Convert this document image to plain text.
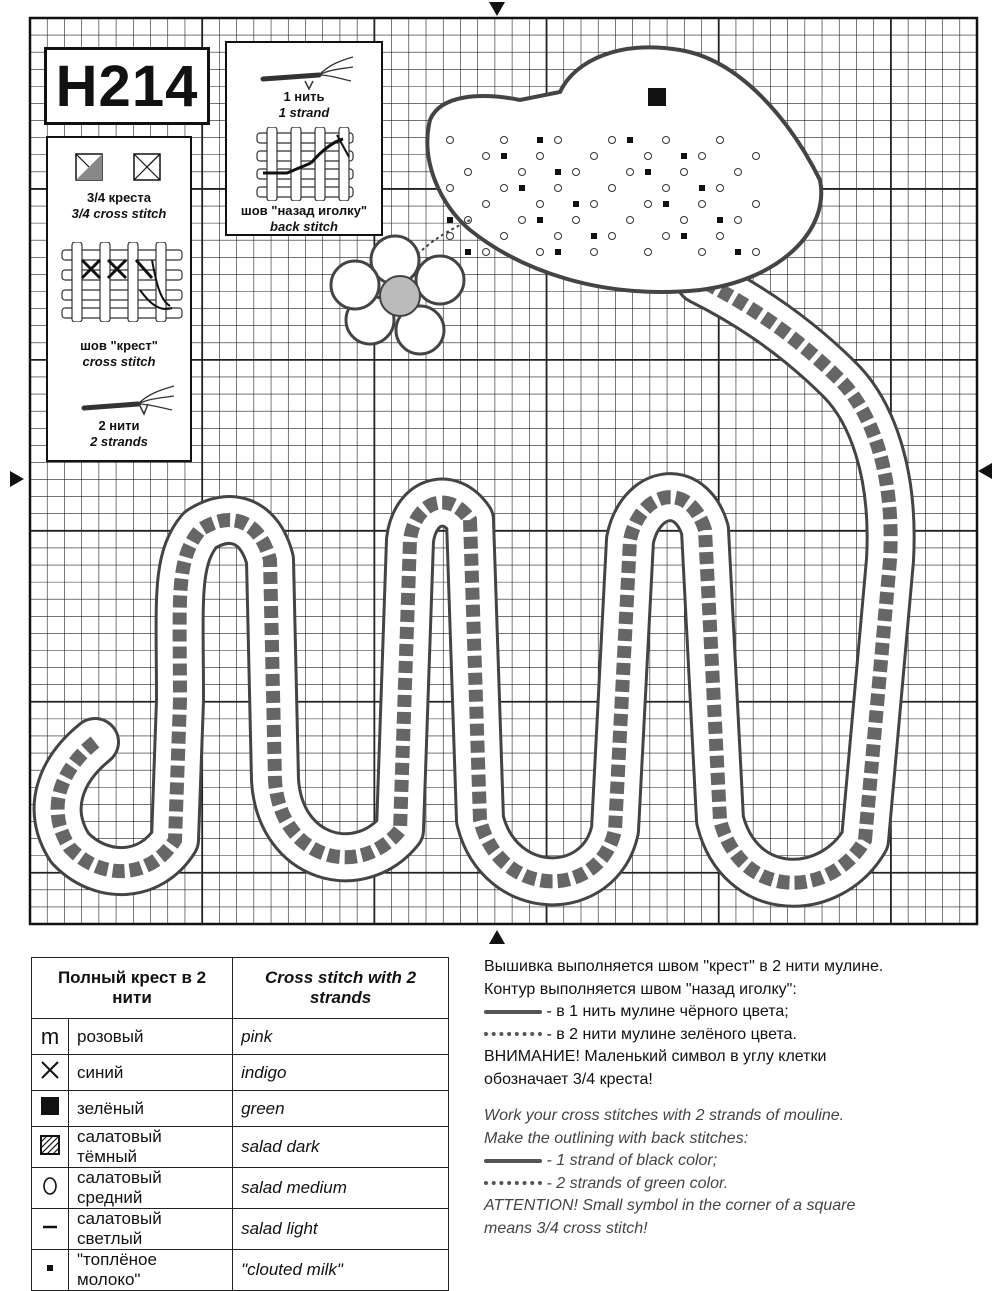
H214	1 нить
1 strand
шов "назад иголку"
back stitch
3/4 креста
3/4 cross stitch
шов "крест"
cross stitch
2 нити
2 strands
Полный крест в 2 нити		Cross stitch with 2 strands
m	розовый	pink
	синий	indigo
	зелёный	green
	салатовый тёмный	salad dark
	салатовый средний	salad medium
	салатовый светлый	salad light
	"топлёное молоко"	"clouted milk"

Вышивка выполняется швом "крест" в 2 нити мулине.

Контур выполняется швом "назад иголку":

- в 1 нить мулине чёрного цвета;

- в 2 нити мулине зелёного цвета.

ВНИМАНИЕ! Маленький символ в углу клетки

обозначает 3/4 креста!

Work your cross stitches with 2 strands of mouline.

Make the outlining with back stitches:

- 1 strand of black color;

- 2 strands of green color.

ATTENTION! Small symbol in the corner of a square

means 3/4 cross stitch!
